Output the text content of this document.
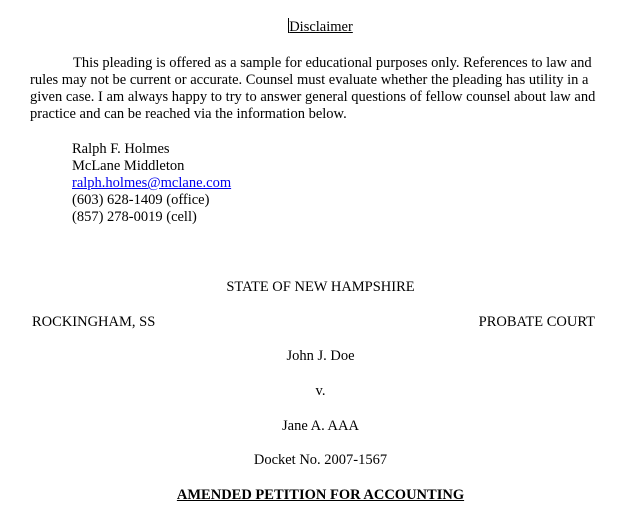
Disclaimer

This pleading is offered as a sample for educational purposes only. References to law and rules may not be current or accurate. Counsel must evaluate whether the pleading has utility in a given case. I am always happy to try to answer general questions of fellow counsel about law and practice and can be reached via the information below.

Ralph F. Holmes
McLane Middleton
ralph.holmes@mclane.com
(603) 628-1409 (office)
(857) 278-0019 (cell)
STATE OF NEW HAMPSHIRE
ROCKINGHAM, SS	PROBATE COURT
John J. Doe
v.
Jane A. AAA
Docket No. 2007-1567
AMENDED PETITION FOR ACCOUNTING
